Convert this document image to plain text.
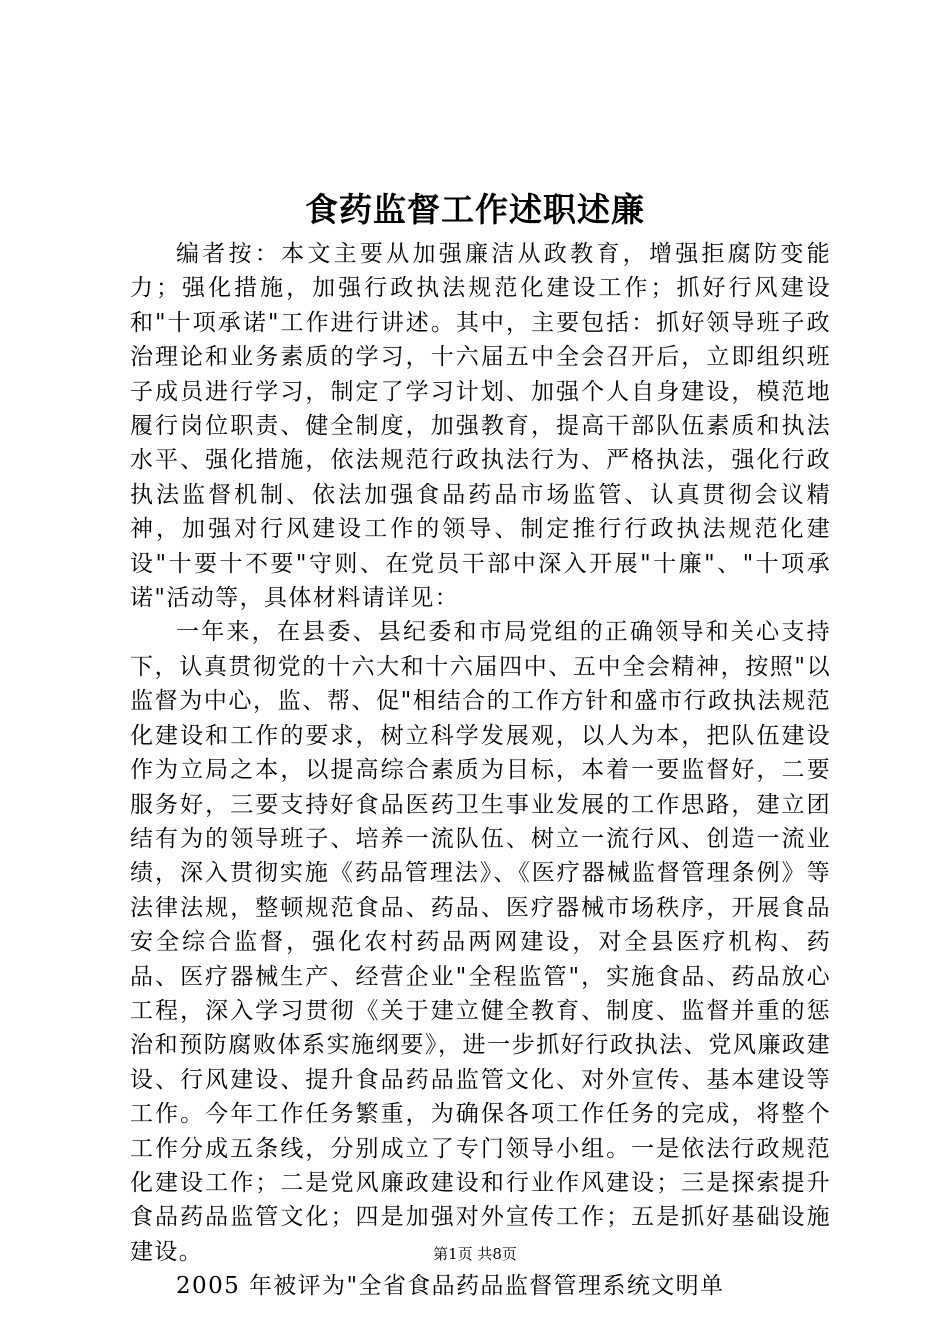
食药监督工作述职述廉

编者按：本文主要从加强廉洁从政教育，增强拒腐防变能力；强化措施，加强行政执法规范化建设工作；抓好行风建设和"十项承诺"工作进行讲述。其中，主要包括：抓好领导班子政治理论和业务素质的学习，十六届五中全会召开后，立即组织班子成员进行学习，制定了学习计划、加强个人自身建设，模范地履行岗位职责、健全制度，加强教育，提高干部队伍素质和执法水平、强化措施，依法规范行政执法行为、严格执法，强化行政执法监督机制、依法加强食品药品市场监管、认真贯彻会议精神，加强对行风建设工作的领导、制定推行行政执法规范化建设"十要十不要"守则、在党员干部中深入开展"十廉"、"十项承诺"活动等，具体材料请详见：

一年来，在县委、县纪委和市局党组的正确领导和关心支持下，认真贯彻党的十六大和十六届四中、五中全会精神，按照"以监督为中心，监、帮、促"相结合的工作方针和盛市行政执法规范化建设和工作的要求，树立科学发展观，以人为本，把队伍建设作为立局之本，以提高综合素质为目标，本着一要监督好，二要服务好，三要支持好食品医药卫生事业发展的工作思路，建立团结有为的领导班子、培养一流队伍、树立一流行风、创造一流业绩，深入贯彻实施《药品管理法》、《医疗器械监督管理条例》等法律法规，整顿规范食品、药品、医疗器械市场秩序，开展食品安全综合监督，强化农村药品两网建设，对全县医疗机构、药品、医疗器械生产、经营企业"全程监管"，实施食品、药品放心工程，深入学习贯彻《关于建立健全教育、制度、监督并重的惩治和预防腐败体系实施纲要》，进一步抓好行政执法、党风廉政建设、行风建设、提升食品药品监管文化、对外宣传、基本建设等工作。今年工作任务繁重，为确保各项工作任务的完成，将整个工作分成五条线，分别成立了专门领导小组。一是依法行政规范化建设工作；二是党风廉政建设和行业作风建设；三是探索提升食品药品监管文化；四是加强对外宣传工作；五是抓好基础设施建设。

2005 年被评为"全省食品药品监督管理系统文明单

第1页 共8页
